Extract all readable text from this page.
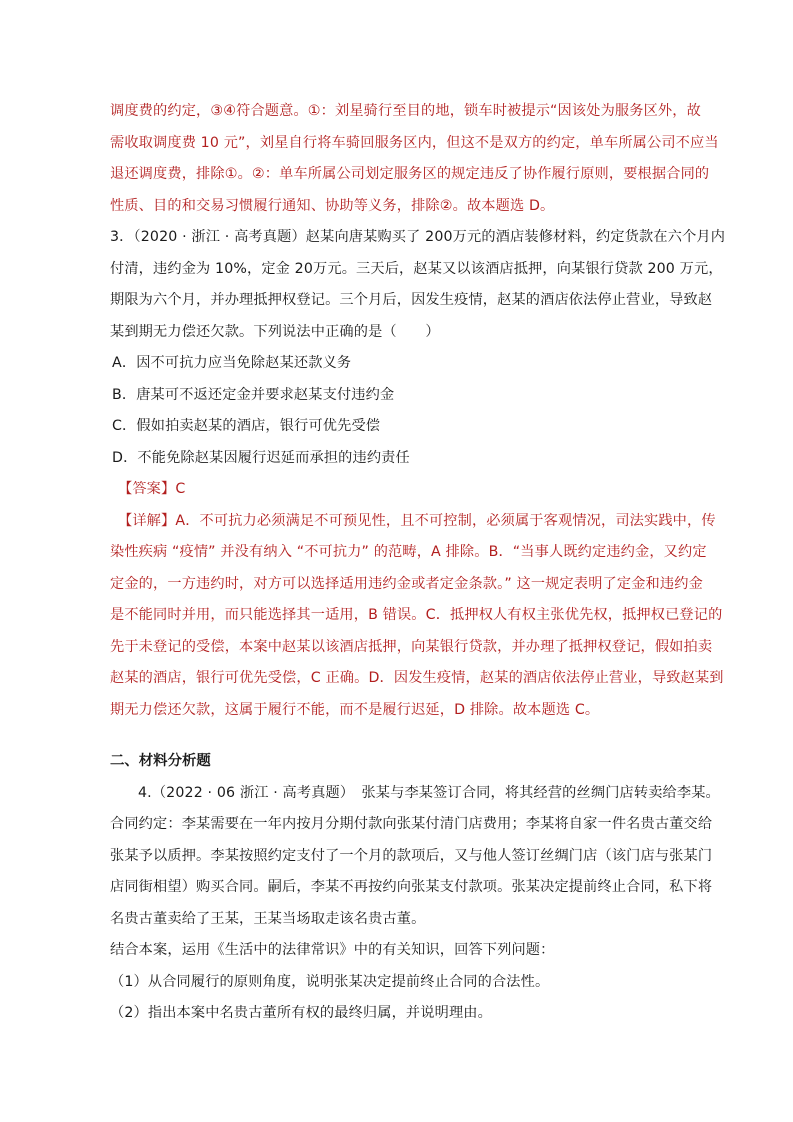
调度费的约定，③④符合题意。①：刘星骑行至目的地，锁车时被提示“因该处为服务区外，故
需收取调度费 10 元”，刘星自行将车骑回服务区内，但这不是双方的约定，单车所属公司不应当
退还调度费，排除①。②：单车所属公司划定服务区的规定违反了协作履行原则，要根据合同的
性质、目的和交易习惯履行通知、协助等义务，排除②。故本题选 D。
3．（2020 · 浙江 · 高考真题）赵某向唐某购买了 200万元的酒店装修材料，约定货款在六个月内
付清，违约金为 10%，定金 20万元。三天后，赵某又以该酒店抵押，向某银行贷款 200 万元，
期限为六个月，并办理抵押权登记。三个月后，因发生疫情，赵某的酒店依法停止营业，导致赵
某到期无力偿还欠款。下列说法中正确的是（　　）
A．因不可抗力应当免除赵某还款义务
B．唐某可不返还定金并要求赵某支付违约金
C．假如拍卖赵某的酒店，银行可优先受偿
D．不能免除赵某因履行迟延而承担的违约责任
【答案】C
【详解】A．不可抗力必须满足不可预见性，且不可控制，必须属于客观情况，司法实践中，传
染性疾病 “疫情” 并没有纳入 “不可抗力” 的范畴，A 排除。B．“当事人既约定违约金，又约定
定金的，一方违约时，对方可以选择适用违约金或者定金条款。” 这一规定表明了定金和违约金
是不能同时并用，而只能选择其一适用，B 错误。C．抵押权人有权主张优先权，抵押权已登记的
先于未登记的受偿，本案中赵某以该酒店抵押，向某银行贷款，并办理了抵押权登记，假如拍卖
赵某的酒店，银行可优先受偿，C 正确。D．因发生疫情，赵某的酒店依法停止营业，导致赵某到
期无力偿还欠款，这属于履行不能，而不是履行迟延，D 排除。故本题选 C。
二、材料分析题
4.（2022 · 06 浙江 · 高考真题）　张某与李某签订合同，将其经营的丝绸门店转卖给李某。
合同约定：李某需要在一年内按月分期付款向张某付清门店费用；李某将自家一件名贵古董交给
张某予以质押。李某按照约定支付了一个月的款项后，又与他人签订丝绸门店（该门店与张某门
店同街相望）购买合同。嗣后，李某不再按约向张某支付款项。张某决定提前终止合同，私下将
名贵古董卖给了王某，王某当场取走该名贵古董。
结合本案，运用《生活中的法律常识》中的有关知识，回答下列问题：
（1）从合同履行的原则角度，说明张某决定提前终止合同的合法性。
（2）指出本案中名贵古董所有权的最终归属，并说明理由。
